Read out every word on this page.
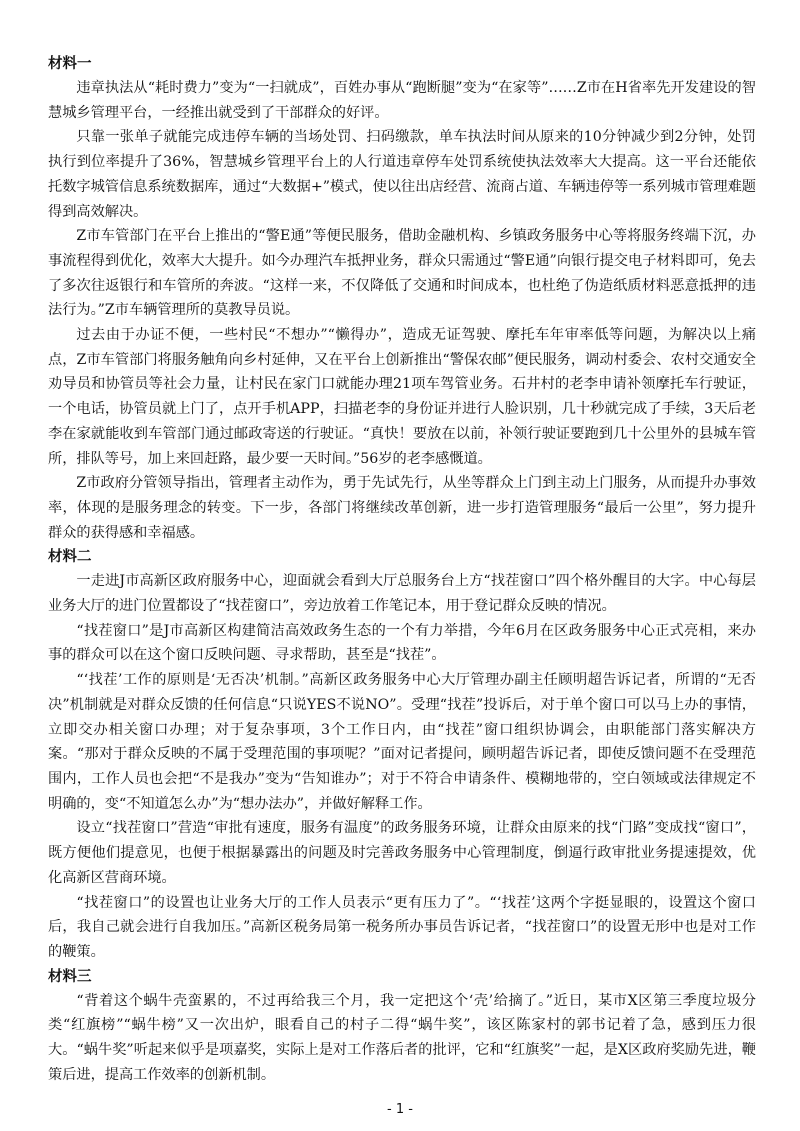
材料一

违章执法从“耗时费力”变为“一扫就成”，百姓办事从“跑断腿”变为“在家等”……Z市在H省率先开发建设的智慧城乡管理平台，一经推出就受到了干部群众的好评。

只靠一张单子就能完成违停车辆的当场处罚、扫码缴款，单车执法时间从原来的10分钟减少到2分钟，处罚执行到位率提升了36%，智慧城乡管理平台上的人行道违章停车处罚系统使执法效率大大提高。这一平台还能依托数字城管信息系统数据库，通过“大数据+”模式，使以往出店经营、流商占道、车辆违停等一系列城市管理难题得到高效解决。

Z市车管部门在平台上推出的“警E通”等便民服务，借助金融机构、乡镇政务服务中心等将服务终端下沉，办事流程得到优化，效率大大提升。如今办理汽车抵押业务，群众只需通过“警E通”向银行提交电子材料即可，免去了多次往返银行和车管所的奔波。“这样一来，不仅降低了交通和时间成本，也杜绝了伪造纸质材料恶意抵押的违法行为。”Z市车辆管理所的莫教导员说。

过去由于办证不便，一些村民“不想办”“懒得办”，造成无证驾驶、摩托车年审率低等问题，为解决以上痛点，Z市车管部门将服务触角向乡村延伸，又在平台上创新推出“警保农邮”便民服务，调动村委会、农村交通安全劝导员和协管员等社会力量，让村民在家门口就能办理21项车驾管业务。石井村的老李申请补领摩托车行驶证，一个电话，协管员就上门了，点开手机APP，扫描老李的身份证并进行人脸识别，几十秒就完成了手续，3天后老李在家就能收到车管部门通过邮政寄送的行驶证。“真快！要放在以前，补领行驶证要跑到几十公里外的县城车管所，排队等号，加上来回赶路，最少要一天时间。”56岁的老李感慨道。

Z市政府分管领导指出，管理者主动作为，勇于先试先行，从坐等群众上门到主动上门服务，从而提升办事效率，体现的是服务理念的转变。下一步，各部门将继续改革创新，进一步打造管理服务“最后一公里”，努力提升群众的获得感和幸福感。

材料二

一走进J市高新区政府服务中心，迎面就会看到大厅总服务台上方“找茬窗口”四个格外醒目的大字。中心每层业务大厅的进门位置都设了“找茬窗口”，旁边放着工作笔记本，用于登记群众反映的情况。

“找茬窗口”是J市高新区构建简洁高效政务生态的一个有力举措，今年6月在区政务服务中心正式亮相，来办事的群众可以在这个窗口反映问题、寻求帮助，甚至是“找茬”。

“‘找茬’工作的原则是‘无否决’机制。”高新区政务服务中心大厅管理办副主任顾明超告诉记者，所谓的“无否决”机制就是对群众反馈的任何信息“只说YES不说NO”。受理“找茬”投诉后，对于单个窗口可以马上办的事情，立即交办相关窗口办理；对于复杂事项，3个工作日内，由“找茬”窗口组织协调会，由职能部门落实解决方案。“那对于群众反映的不属于受理范围的事项呢？”面对记者提问，顾明超告诉记者，即使反馈问题不在受理范围内，工作人员也会把“不是我办”变为“告知谁办”；对于不符合申请条件、模糊地带的，空白领域或法律规定不明确的，变“不知道怎么办”为“想办法办”，并做好解释工作。

设立“找茬窗口”营造“审批有速度，服务有温度”的政务服务环境，让群众由原来的找“门路”变成找“窗口”，既方便他们提意见，也便于根据暴露出的问题及时完善政务服务中心管理制度，倒逼行政审批业务提速提效，优化高新区营商环境。

“找茬窗口”的设置也让业务大厅的工作人员表示“更有压力了”。“‘找茬’这两个字挺显眼的，设置这个窗口后，我自己就会进行自我加压。”高新区税务局第一税务所办事员告诉记者，“找茬窗口”的设置无形中也是对工作的鞭策。

材料三

“背着这个蜗牛壳蛮累的，不过再给我三个月，我一定把这个‘壳’给摘了。”近日，某市X区第三季度垃圾分类“红旗榜”“蜗牛榜”又一次出炉，眼看自己的村子二得“蜗牛奖”，该区陈家村的郭书记着了急，感到压力很大。“蜗牛奖”听起来似乎是项嘉奖，实际上是对工作落后者的批评，它和“红旗奖”一起，是X区政府奖励先进，鞭策后进，提高工作效率的创新机制。

- 1 -
